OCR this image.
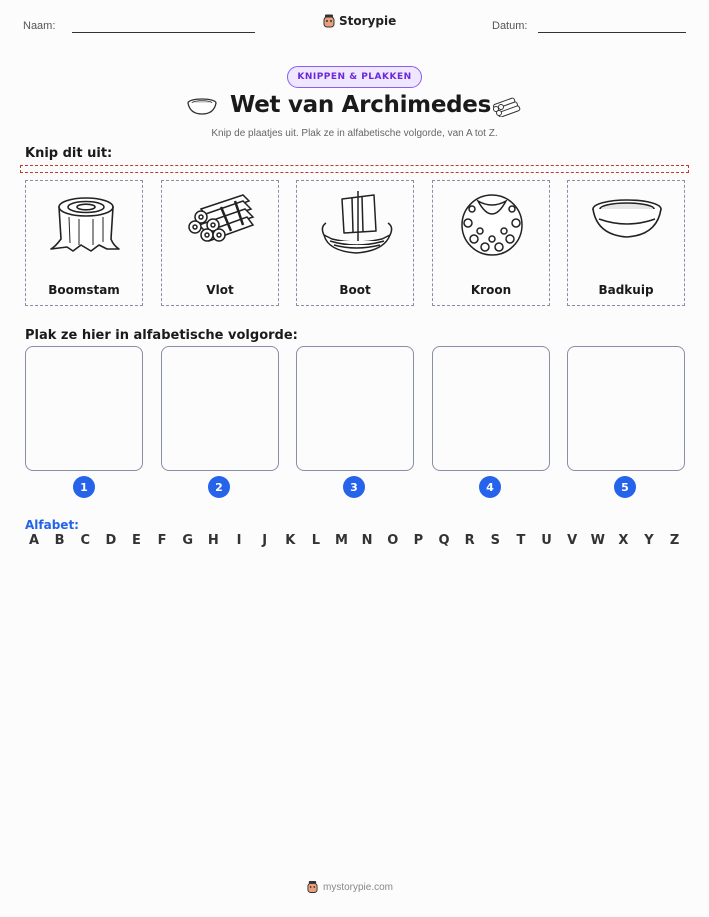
Naam:	Storypie	Datum:
KNIPPEN & PLAKKEN
Wet van Archimedes
Knip de plaatjes uit. Plak ze in alfabetische volgorde, van A tot Z.
Knip dit uit:
Boomstam	Vlot	Boot	Kroon	Badkuip
Plak ze hier in alfabetische volgorde:
1	2	3	4	5
Alfabet:
A	B	C	D	E	F	G H	I	J	K	L	M N O	P	Q	R	S	T	U	V	W	X	Y	Z
mystorypie.com
